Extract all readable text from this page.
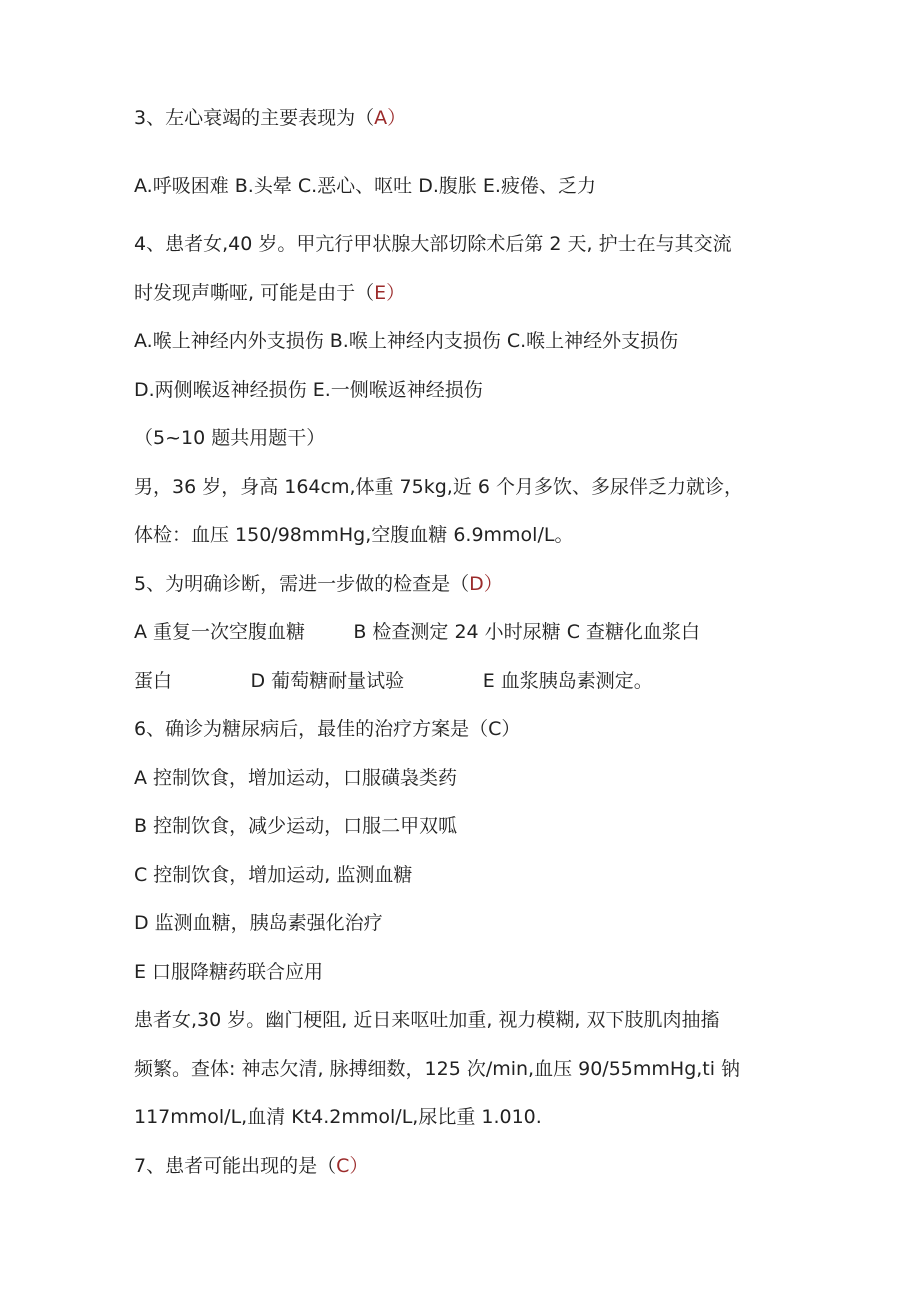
3、左心衰竭的主要表现为（A）
A.呼吸困难 B.头晕 C.恶心、呕吐 D.腹胀 E.疲倦、乏力
4、患者女,40 岁。甲亢行甲状腺大部切除术后第 2 天, 护士在与其交流
时发现声嘶哑, 可能是由于（E）
A.喉上神经内外支损伤 B.喉上神经内支损伤 C.喉上神经外支损伤
D.两侧喉返神经损伤 E.一侧喉返神经损伤
（5~10 题共用题干）
男，36 岁，身高 164cm,体重 75kg,近 6 个月多饮、多尿伴乏力就诊，
体检：血压 150/98mmHg,空腹血糖 6.9mmol∕L。
5、为明确诊断，需进一步做的检查是（D）
A 重复一次空腹血糖        B 检查测定 24 小时尿糖 C 查糖化血浆白
蛋白             D 葡萄糖耐量试验             E 血浆胰岛素测定。
6、确诊为糖尿病后，最佳的治疗方案是（C）
A 控制饮食，增加运动，口服磺袅类药
B 控制饮食，减少运动，口服二甲双呱
C 控制饮食，增加运动, 监测血糖
D 监测血糖，胰岛素强化治疗
E 口服降糖药联合应用
患者女,30 岁。幽门梗阻, 近日来呕吐加重, 视力模糊, 双下肢肌肉抽搐
频繁。查体: 神志欠清, 脉搏细数，125 次/min,血压 90∕55mmHg,ti 钠
117mmol∕L,血清 Kt4.2mmol∕L,尿比重 1.010.
7、患者可能出现的是（C）
